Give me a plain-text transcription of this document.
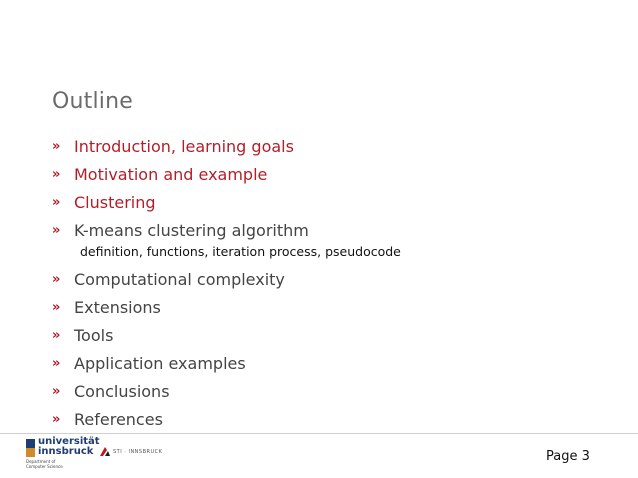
Outline
» Introduction, learning goals
» Motivation and example
» Clustering
» K-means clustering algorithm
definition, functions, iteration process, pseudocode
» Computational complexity
» Extensions
» Tools
» Application examples
» Conclusions
» References
universität
innsbruck
Department of
Computer Science
STI · INNSBRUCK	Page 3
